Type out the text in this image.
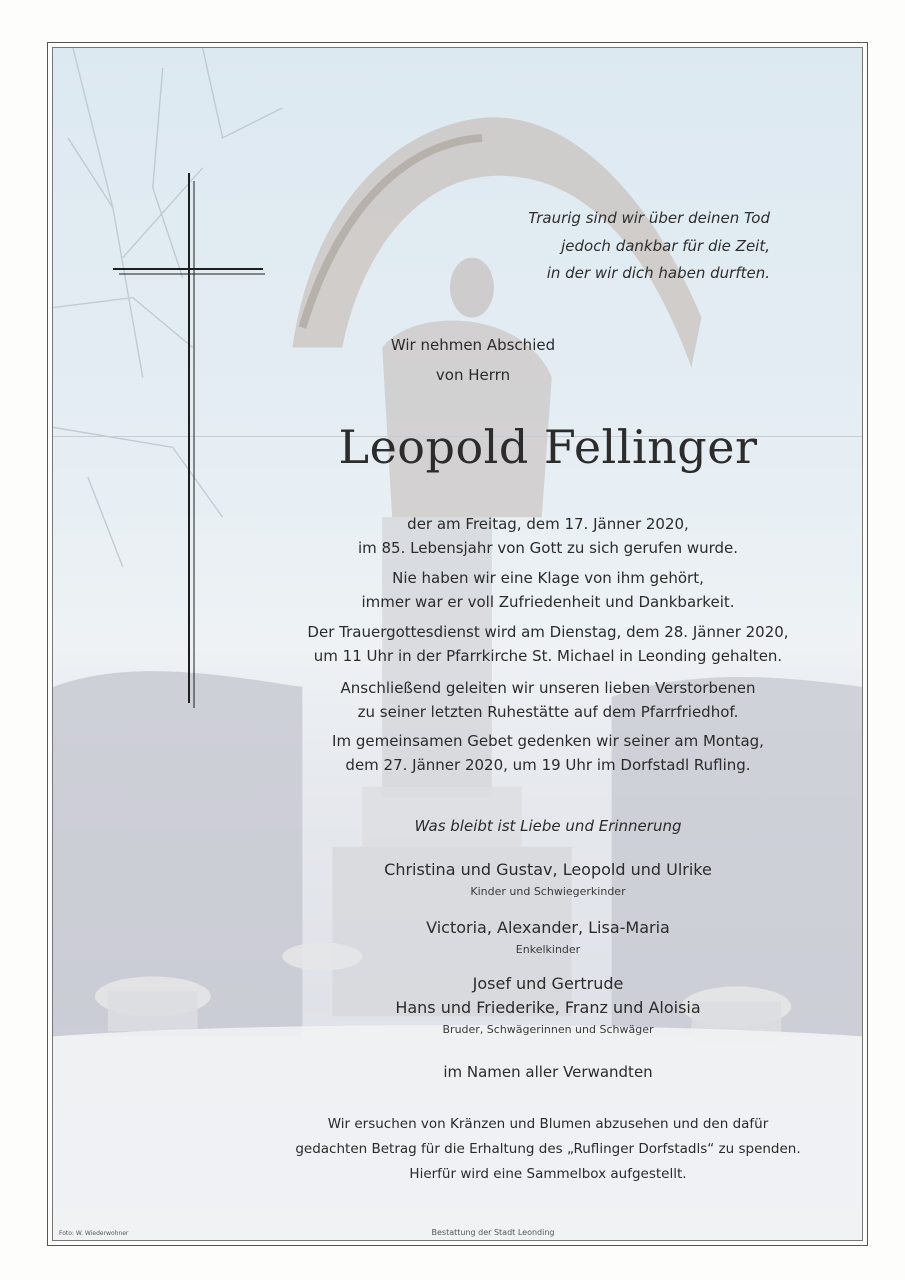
Traurig sind wir über deinen Tod
jedoch dankbar für die Zeit,
in der wir dich haben durften.
Wir nehmen Abschied
von Herrn
Leopold Fellinger
der am Freitag, dem 17. Jänner 2020,
im 85. Lebensjahr von Gott zu sich gerufen wurde.
Nie haben wir eine Klage von ihm gehört,
immer war er voll Zufriedenheit und Dankbarkeit.
Der Trauergottesdienst wird am Dienstag, dem 28. Jänner 2020,
um 11 Uhr in der Pfarrkirche St. Michael in Leonding gehalten.
Anschließend geleiten wir unseren lieben Verstorbenen
zu seiner letzten Ruhestätte auf dem Pfarrfriedhof.
Im gemeinsamen Gebet gedenken wir seiner am Montag,
dem 27. Jänner 2020, um 19 Uhr im Dorfstadl Rufling.
Was bleibt ist Liebe und Erinnerung
Christina und Gustav, Leopold und Ulrike
Kinder und Schwiegerkinder
Victoria, Alexander, Lisa-Maria
Enkelkinder
Josef und Gertrude
Hans und Friederike, Franz und Aloisia
Bruder, Schwägerinnen und Schwäger
im Namen aller Verwandten
Wir ersuchen von Kränzen und Blumen abzusehen und den dafür
gedachten Betrag für die Erhaltung des „Ruflinger Dorfstadls“ zu spenden.
Hierfür wird eine Sammelbox aufgestellt.
Foto: W. Wiederwohner	Bestattung der Stadt Leonding
